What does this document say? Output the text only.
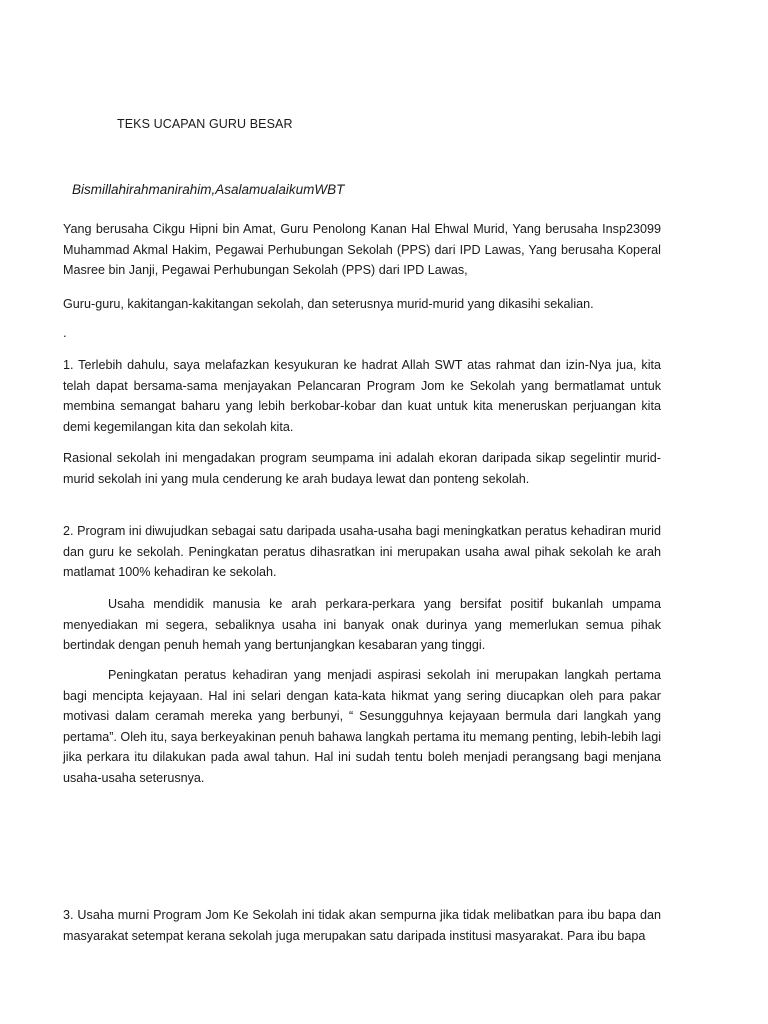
TEKS UCAPAN GURU BESAR
Bismillahirahmanirahim,AsalamualaikumWBT
Yang berusaha Cikgu Hipni bin Amat, Guru Penolong Kanan Hal Ehwal Murid, Yang berusaha Insp23099 Muhammad Akmal Hakim, Pegawai Perhubungan Sekolah (PPS) dari IPD Lawas, Yang berusaha Koperal Masree bin Janji, Pegawai Perhubungan Sekolah (PPS) dari IPD Lawas,
Guru-guru, kakitangan-kakitangan sekolah, dan seterusnya murid-murid yang dikasihi sekalian.
.
1. Terlebih dahulu, saya melafazkan kesyukuran ke hadrat Allah SWT atas rahmat dan izin-Nya jua, kita telah dapat bersama-sama menjayakan Pelancaran Program Jom ke Sekolah yang bermatlamat untuk membina semangat baharu yang lebih berkobar-kobar dan kuat untuk kita meneruskan perjuangan kita demi kegemilangan kita dan sekolah kita.
Rasional sekolah ini mengadakan program seumpama ini adalah ekoran daripada sikap segelintir murid-murid sekolah ini yang mula cenderung ke arah budaya lewat dan ponteng sekolah.
2. Program ini diwujudkan sebagai satu daripada usaha-usaha bagi meningkatkan peratus kehadiran murid dan guru ke sekolah. Peningkatan peratus dihasratkan ini merupakan usaha awal pihak sekolah ke arah matlamat 100% kehadiran ke sekolah.
Usaha mendidik manusia ke arah perkara-perkara yang bersifat positif bukanlah umpama menyediakan mi segera, sebaliknya usaha ini banyak onak durinya yang memerlukan semua pihak bertindak dengan penuh hemah yang bertunjangkan kesabaran yang tinggi.
Peningkatan peratus kehadiran yang menjadi aspirasi sekolah ini merupakan langkah pertama bagi mencipta kejayaan. Hal ini selari dengan kata-kata hikmat yang sering diucapkan oleh para pakar motivasi dalam ceramah mereka yang berbunyi, “ Sesungguhnya kejayaan bermula dari langkah yang pertama”. Oleh itu, saya berkeyakinan penuh bahawa langkah pertama itu memang penting, lebih-lebih lagi jika perkara itu dilakukan pada awal tahun. Hal ini sudah tentu boleh menjadi perangsang bagi menjana usaha-usaha seterusnya.
3. Usaha murni Program Jom Ke Sekolah ini tidak akan sempurna jika tidak melibatkan para ibu bapa dan masyarakat setempat kerana sekolah juga merupakan satu daripada institusi masyarakat. Para ibu bapa
